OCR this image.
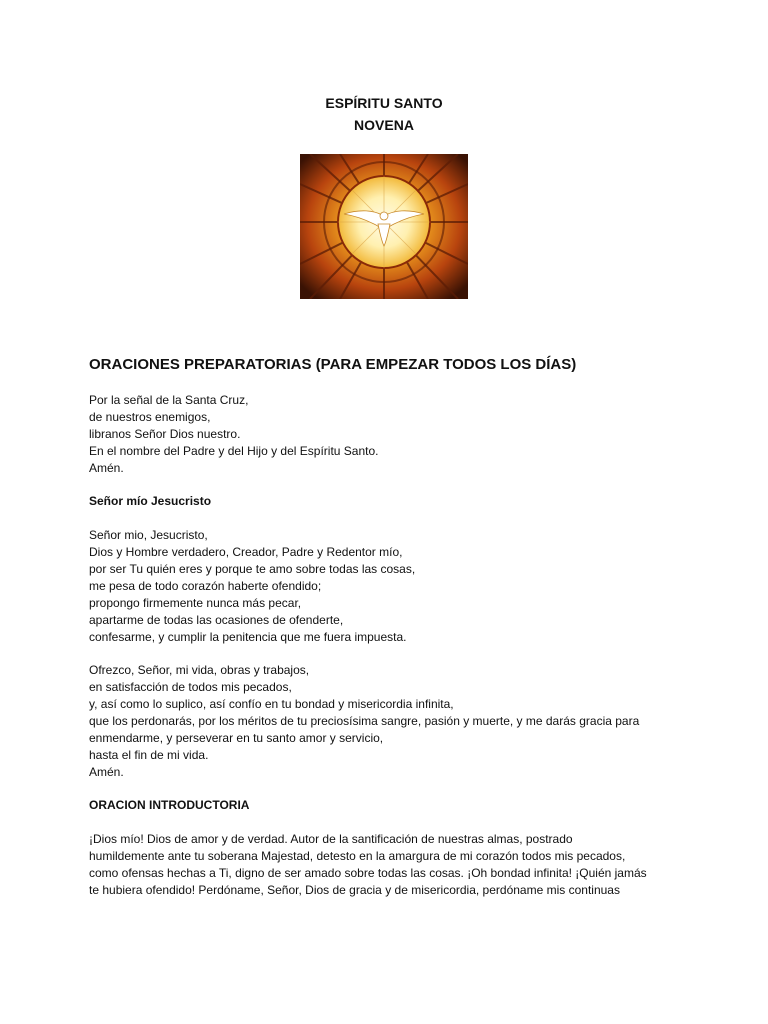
ESPÍRITU SANTO
NOVENA
ORACIONES PREPARATORIAS (PARA EMPEZAR TODOS LOS DÍAS)
Por la señal de la Santa Cruz,
de nuestros enemigos,
libranos Señor Dios nuestro.
En el nombre del Padre y del Hijo y del Espíritu Santo.
Amén.
Señor mío Jesucristo
Señor mio, Jesucristo,
Dios y Hombre verdadero, Creador, Padre y Redentor mío,
por ser Tu quién eres y porque te amo sobre todas las cosas,
me pesa de todo corazón haberte ofendido;
propongo firmemente nunca más pecar,
apartarme de todas las ocasiones de ofenderte,
confesarme, y cumplir la penitencia que me fuera impuesta.
Ofrezco, Señor, mi vida, obras y trabajos,
en satisfacción de todos mis pecados,
y, así como lo suplico, así confío en tu bondad y misericordia infinita,
que los perdonarás, por los méritos de tu preciosísima sangre, pasión y muerte, y me darás gracia para
enmendarme, y perseverar en tu santo amor y servicio,
hasta el fin de mi vida.
Amén.
ORACION INTRODUCTORIA
¡Dios mío! Dios de amor y de verdad. Autor de la santificación de nuestras almas, postrado
humildemente ante tu soberana Majestad, detesto en la amargura de mi corazón todos mis pecados,
como ofensas hechas a Ti, digno de ser amado sobre todas las cosas. ¡Oh bondad infinita! ¡Quién jamás
te hubiera ofendido! Perdóname, Señor, Dios de gracia y de misericordia, perdóname mis continuas
